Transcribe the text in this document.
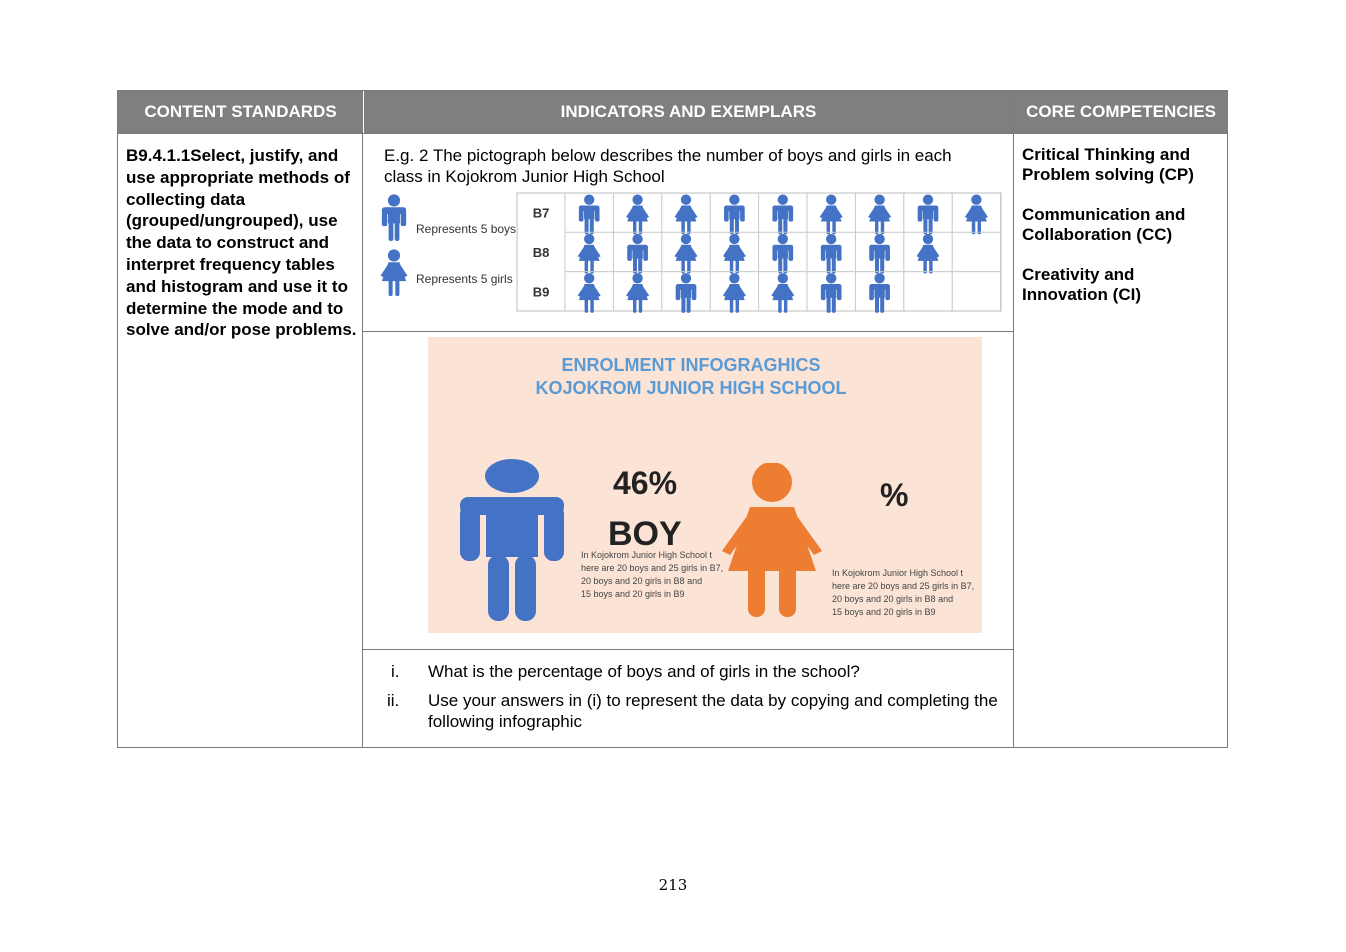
CONTENT STANDARDS	INDICATORS AND EXEMPLARS	CORE COMPETENCIES
B9.4.1.1Select, justify, and use appropriate methods of collecting data (grouped/ungrouped), use the data to construct and interpret frequency tables and histogram and use it to determine the mode and to solve and/or pose problems.
E.g. 2 The pictograph below describes the number of boys and girls in each class in Kojokrom Junior High School
Represents 5 boys
Represents 5 girls
B7
B8
B9
ENROLMENT INFOGRAGHICS
KOJOKROM JUNIOR HIGH SCHOOL
46%
BOY
In Kojokrom Junior High School t
here are 20 boys and 25 girls in B7,
20 boys and 20 girls in B8 and
15 boys and 20 girls in B9
%
In Kojokrom Junior High School t
here are 20 boys and 25 girls in B7,
20 boys and 20 girls in B8 and
15 boys and 20 girls in B9
i. What is the percentage of boys and of girls in the school?
ii. Use your answers in (i) to represent the data by copying and completing the following infographic
Critical Thinking and Problem solving (CP)
Communication and Collaboration (CC)
Creativity and Innovation (CI)
213
